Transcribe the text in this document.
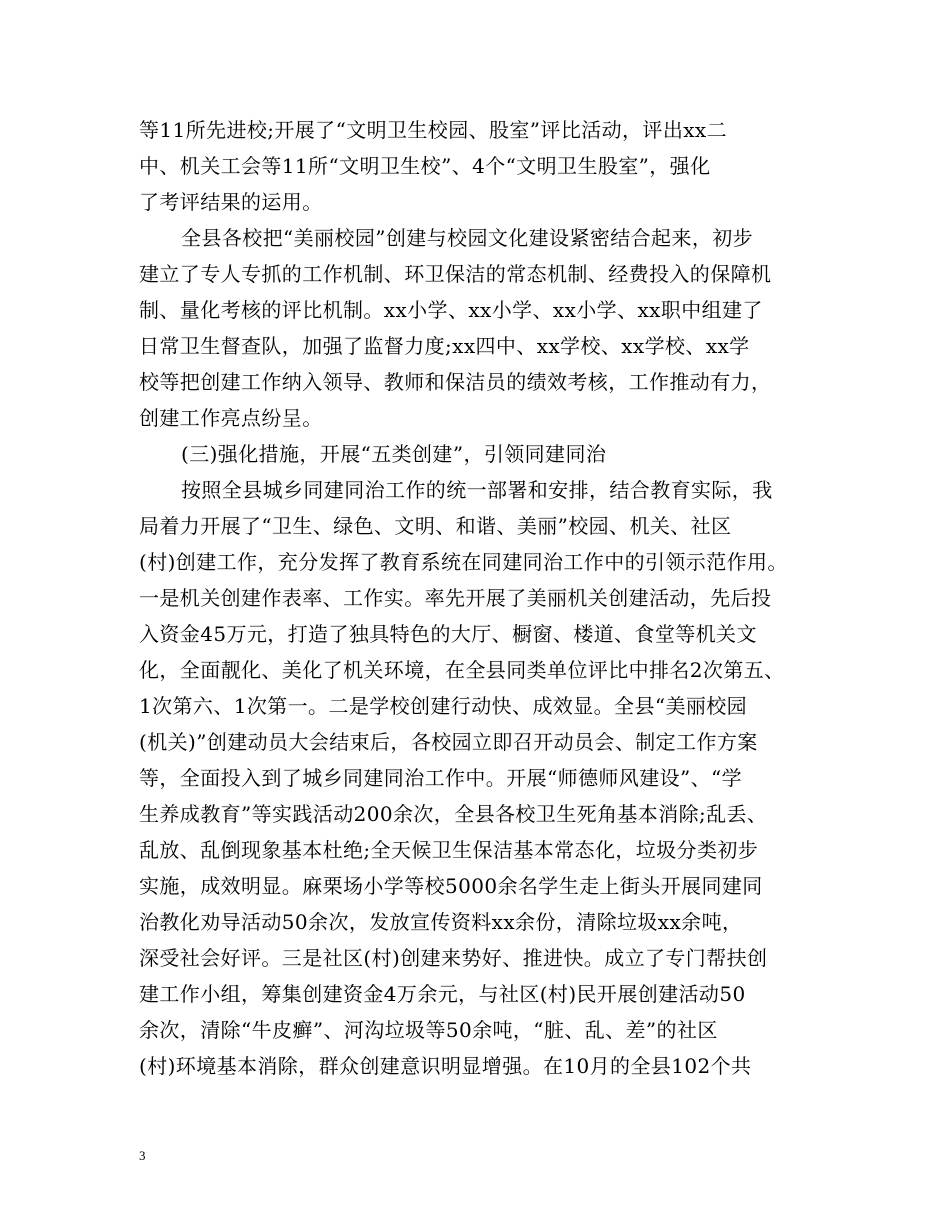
等11所先进校;开展了“文明卫生校园、股室”评比活动，评出xx二
中、机关工会等11所“文明卫生校”、4个“文明卫生股室”，强化
了考评结果的运用。
全县各校把“美丽校园”创建与校园文化建设紧密结合起来，初步
建立了专人专抓的工作机制、环卫保洁的常态机制、经费投入的保障机
制、量化考核的评比机制。xx小学、xx小学、xx小学、xx职中组建了
日常卫生督查队，加强了监督力度;xx四中、xx学校、xx学校、xx学
校等把创建工作纳入领导、教师和保洁员的绩效考核，工作推动有力，
创建工作亮点纷呈。
(三)强化措施，开展“五类创建”，引领同建同治
按照全县城乡同建同治工作的统一部署和安排，结合教育实际，我
局着力开展了“卫生、绿色、文明、和谐、美丽”校园、机关、社区
(村)创建工作，充分发挥了教育系统在同建同治工作中的引领示范作用。
一是机关创建作表率、工作实。率先开展了美丽机关创建活动，先后投
入资金45万元，打造了独具特色的大厅、橱窗、楼道、食堂等机关文
化，全面靓化、美化了机关环境，在全县同类单位评比中排名2次第五、
1次第六、1次第一。二是学校创建行动快、成效显。全县“美丽校园
(机关)”创建动员大会结束后，各校园立即召开动员会、制定工作方案
等，全面投入到了城乡同建同治工作中。开展“师德师风建设”、“学
生养成教育”等实践活动200余次，全县各校卫生死角基本消除;乱丢、
乱放、乱倒现象基本杜绝;全天候卫生保洁基本常态化，垃圾分类初步
实施，成效明显。麻栗场小学等校5000余名学生走上街头开展同建同
治教化劝导活动50余次，发放宣传资料xx余份，清除垃圾xx余吨，
深受社会好评。三是社区(村)创建来势好、推进快。成立了专门帮扶创
建工作小组，筹集创建资金4万余元，与社区(村)民开展创建活动50
余次，清除“牛皮癣”、河沟垃圾等50余吨，“脏、乱、差”的社区
(村)环境基本消除，群众创建意识明显增强。在10月的全县102个共
3
